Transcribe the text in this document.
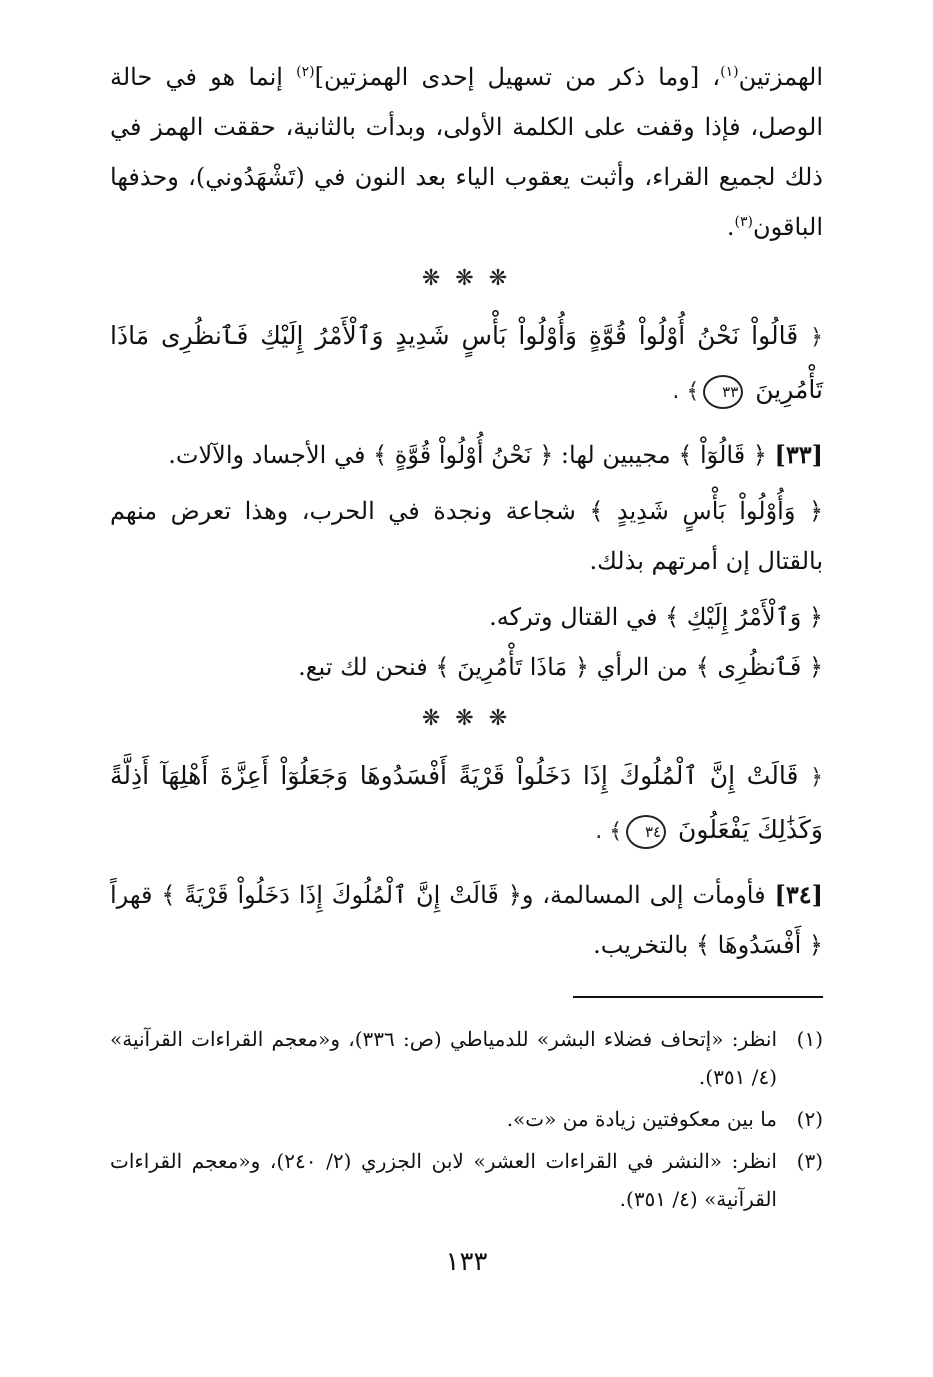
الهمزتين$^{(١)}$، [وما ذكر من تسهيل إحدى الهمزتين]$^{(٢)}$ إنما هو في حالة الوصل، فإذا وقفت على الكلمة الأولى، وبدأت بالثانية، حققت الهمز في ذلك لجميع القراء، وأثبت يعقوب الياء بعد النون في (تَشْهَدُوني)، وحذفها الباقون$^{(٣)}$.

❋ ❋ ❋

﴿ قَالُواْ نَحْنُ أُوْلُواْ قُوَّةٍ وَأُوْلُواْ بَأْسٍ شَدِيدٍ وَٱلْأَمْرُ إِلَيْكِ فَٱنظُرِى مَاذَا تَأْمُرِينَ ٣٣﴾ .

[٣٣] ﴿ قَالُوٓاْ ﴾ مجيبين لها: ﴿ نَحْنُ أُوْلُواْ قُوَّةٍ ﴾ في الأجساد والآلات.

﴿ وَأُوْلُواْ بَأْسٍ شَدِيدٍ ﴾ شجاعة ونجدة في الحرب، وهذا تعرض منهم بالقتال إن أمرتهم بذلك.

﴿ وَٱلْأَمْرُ إِلَيْكِ ﴾ في القتال وتركه.

﴿ فَٱنظُرِى ﴾ من الرأي ﴿ مَاذَا تَأْمُرِينَ ﴾ فنحن لك تبع.

❋ ❋ ❋

﴿ قَالَتْ إِنَّ ٱلْمُلُوكَ إِذَا دَخَلُواْ قَرْيَةً أَفْسَدُوهَا وَجَعَلُوٓاْ أَعِزَّةَ أَهْلِهَآ أَذِلَّةً وَكَذَٰلِكَ يَفْعَلُونَ ٣٤﴾ .

[٣٤] فأومأت إلى المسالمة، و﴿ قَالَتْ إِنَّ ٱلْمُلُوكَ إِذَا دَخَلُواْ قَرْيَةً ﴾ قهراً ﴿ أَفْسَدُوهَا ﴾ بالتخريب.

(١)
انظر: «إتحاف فضلاء البشر» للدمياطي (ص: ٣٣٦)، و«معجم القراءات القرآنية» (٤/ ٣٥١).
(٢)
ما بين معكوفتين زيادة من «ت».
(٣)
انظر: «النشر في القراءات العشر» لابن الجزري (٢/ ٢٤٠)، و«معجم القراءات القرآنية» (٤/ ٣٥١).
١٣٣
